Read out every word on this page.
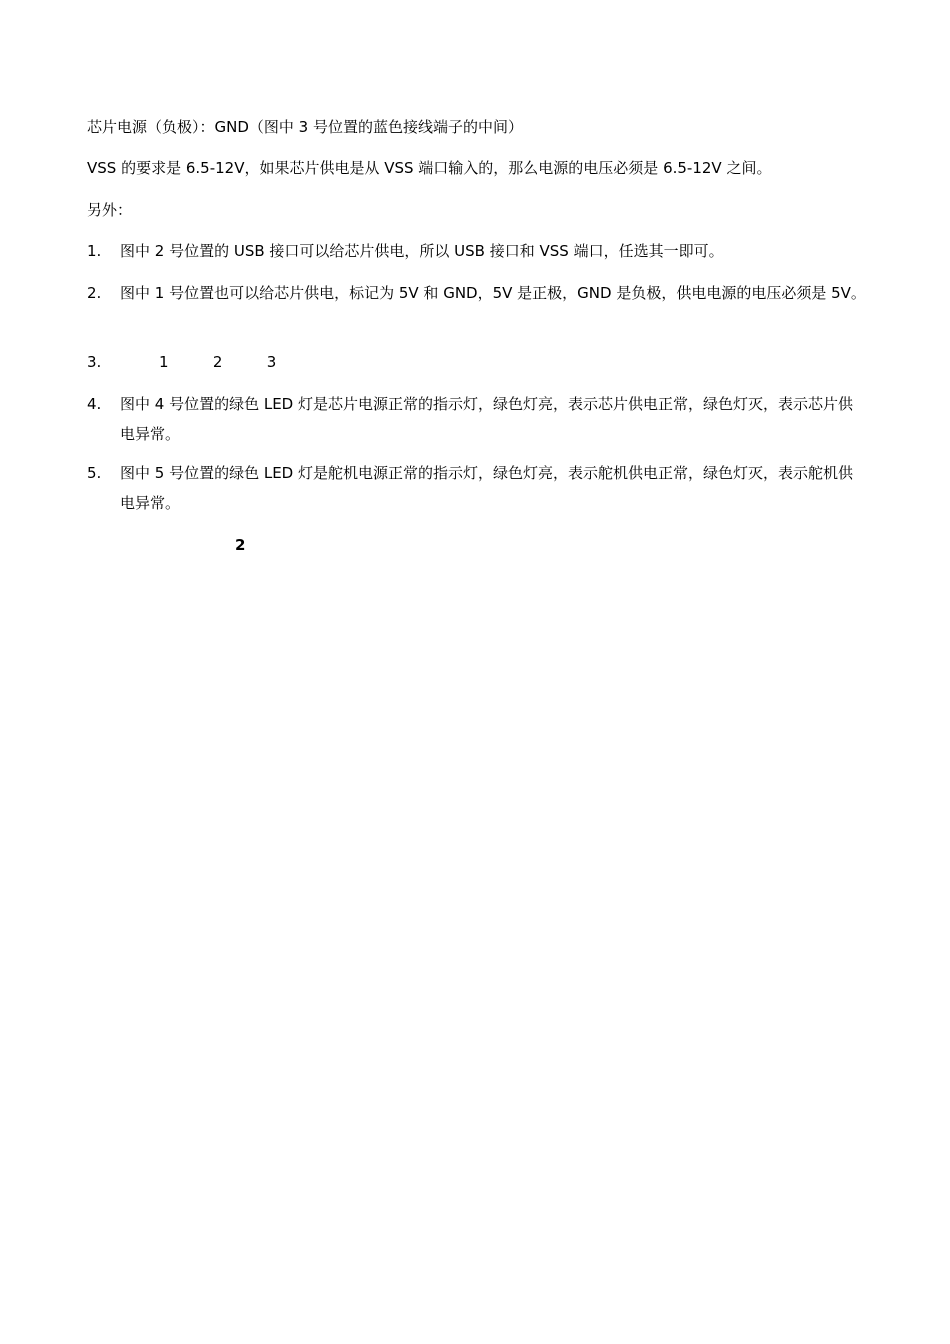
芯片电源（负极）：GND（图中 3 号位置的蓝色接线端子的中间）
VSS 的要求是 6.5-12V，如果芯片供电是从 VSS 端口输入的，那么电源的电压必须是 6.5-12V 之间。
另外：
1.	图中 2 号位置的 USB 接口可以给芯片供电，所以 USB 接口和 VSS 端口，任选其一即可。
2.	图中 1 号位置也可以给芯片供电，标记为 5V 和 GND，5V 是正极，GND 是负极，供电电源的电压必须是 5V。
3.	1   2   3
4.	图中 4 号位置的绿色 LED 灯是芯片电源正常的指示灯，绿色灯亮，表示芯片供电正常，绿色灯灭，表示芯片供电异常。
5.	图中 5 号位置的绿色 LED 灯是舵机电源正常的指示灯，绿色灯亮，表示舵机供电正常，绿色灯灭，表示舵机供电异常。
2
